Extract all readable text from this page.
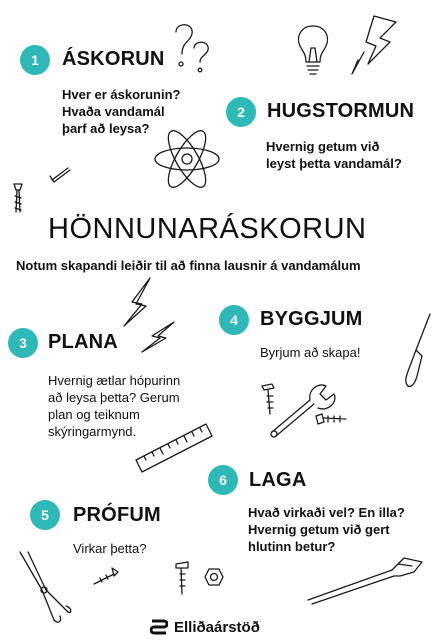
1 ÁSKORUN
Hver er áskorunin?
Hvaða vandamál
þarf að leysa?
2 HUGSTORMUN
Hvernig getum við
leyst þetta vandamál?
HÖNNUNARÁSKORUN
Notum skapandi leiðir til að finna lausnir á vandamálum
4 BYGGJUM
Byrjum að skapa!
3 PLANA
Hvernig ætlar hópurinn
að leysa þetta? Gerum
plan og teiknum
skýringarmynd.
6 LAGA
Hvað virkaði vel? En illa?
Hvernig getum við gert
hlutinn betur?
5 PRÓFUM
Virkar þetta?
Elliðaárstöð
